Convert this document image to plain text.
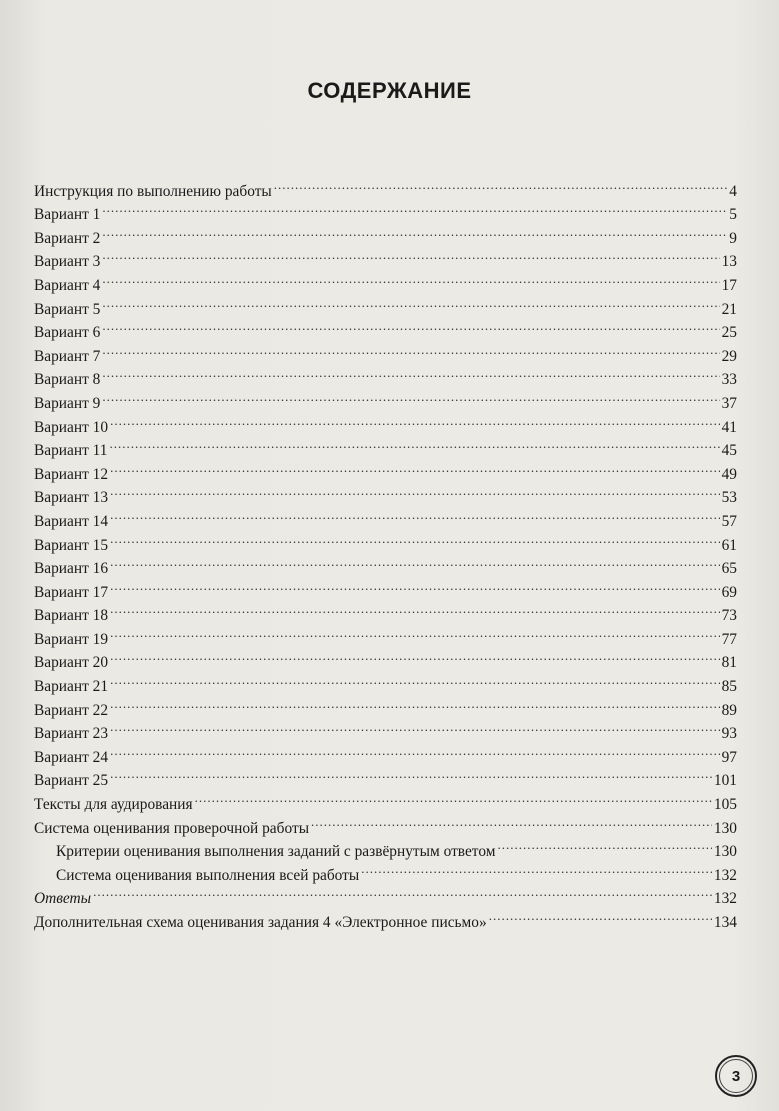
СОДЕРЖАНИЕ
Инструкция по выполнению работы .....	4
Вариант 1 .....	5
Вариант 2 .....	9
Вариант 3 .....	13
Вариант 4 .....	17
Вариант 5 .....	21
Вариант 6 .....	25
Вариант 7 .....	29
Вариант 8 .....	33
Вариант 9 .....	37
Вариант 10 .....	41
Вариант 11 .....	45
Вариант 12 .....	49
Вариант 13 .....	53
Вариант 14 .....	57
Вариант 15 .....	61
Вариант 16 .....	65
Вариант 17 .....	69
Вариант 18 .....	73
Вариант 19 .....	77
Вариант 20 .....	81
Вариант 21 .....	85
Вариант 22 .....	89
Вариант 23 .....	93
Вариант 24 .....	97
Вариант 25 .....	101
Тексты для аудирования .....	105
Система оценивания проверочной работы .....	130
Критерии оценивания выполнения заданий с развёрнутым ответом .....	130
Система оценивания выполнения всей работы .....	132
Ответы .....	132
Дополнительная схема оценивания задания 4 «Электронное письмо» .....	134
3
